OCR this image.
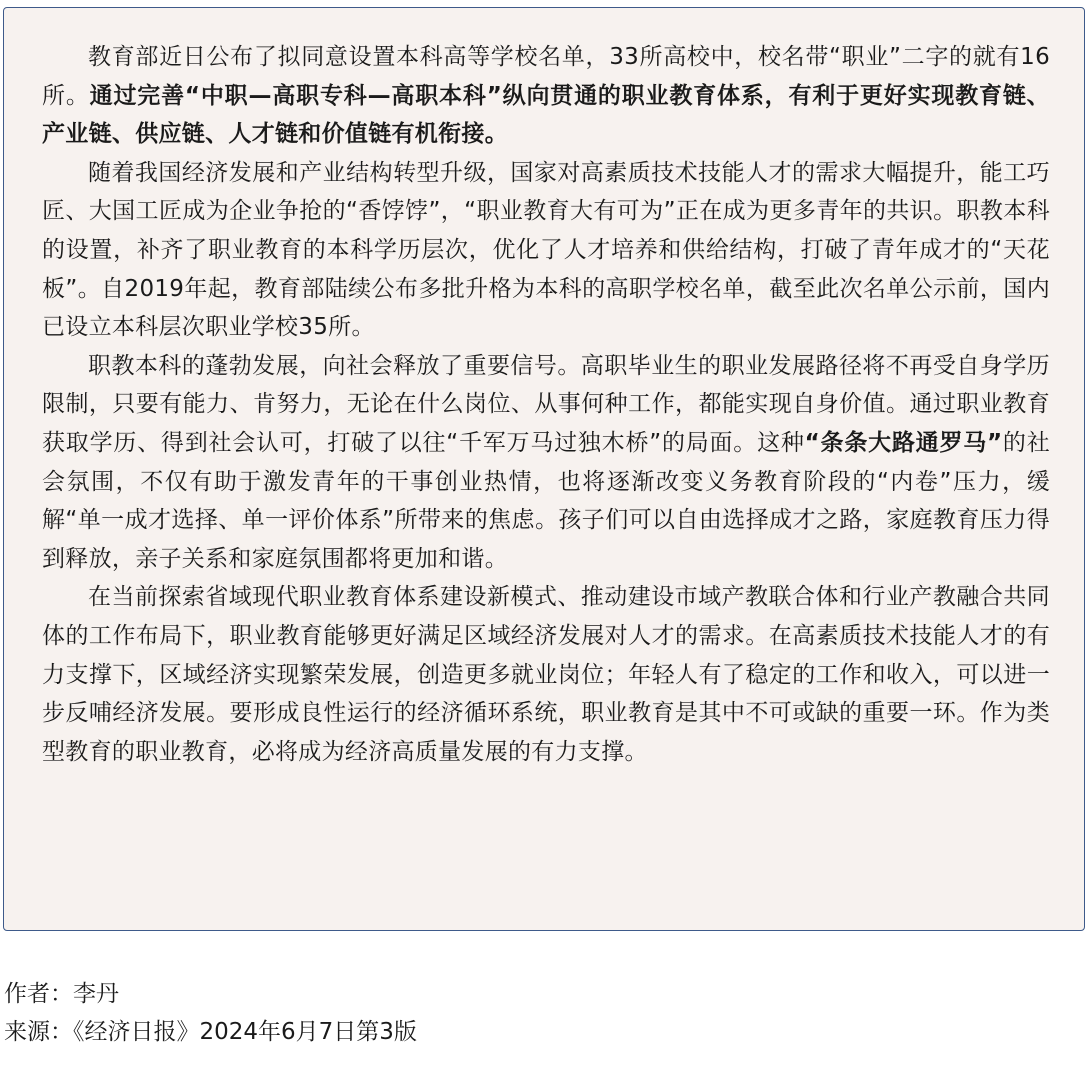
教育部近日公布了拟同意设置本科高等学校名单，33所高校中，校名带“职业”二字的就有16所。通过完善“中职—高职专科—高职本科”纵向贯通的职业教育体系，有利于更好实现教育链、产业链、供应链、人才链和价值链有机衔接。

随着我国经济发展和产业结构转型升级，国家对高素质技术技能人才的需求大幅提升，能工巧匠、大国工匠成为企业争抢的“香饽饽”，“职业教育大有可为”正在成为更多青年的共识。职教本科的设置，补齐了职业教育的本科学历层次，优化了人才培养和供给结构，打破了青年成才的“天花板”。自2019年起，教育部陆续公布多批升格为本科的高职学校名单，截至此次名单公示前，国内已设立本科层次职业学校35所。

职教本科的蓬勃发展，向社会释放了重要信号。高职毕业生的职业发展路径将不再受自身学历限制，只要有能力、肯努力，无论在什么岗位、从事何种工作，都能实现自身价值。通过职业教育获取学历、得到社会认可，打破了以往“千军万马过独木桥”的局面。这种“条条大路通罗马”的社会氛围，不仅有助于激发青年的干事创业热情，也将逐渐改变义务教育阶段的“内卷”压力，缓解“单一成才选择、单一评价体系”所带来的焦虑。孩子们可以自由选择成才之路，家庭教育压力得到释放，亲子关系和家庭氛围都将更加和谐。

在当前探索省域现代职业教育体系建设新模式、推动建设市域产教联合体和行业产教融合共同体的工作布局下，职业教育能够更好满足区域经济发展对人才的需求。在高素质技术技能人才的有力支撑下，区域经济实现繁荣发展，创造更多就业岗位；年轻人有了稳定的工作和收入，可以进一步反哺经济发展。要形成良性运行的经济循环系统，职业教育是其中不可或缺的重要一环。作为类型教育的职业教育，必将成为经济高质量发展的有力支撑。

作者：李丹

来源：《经济日报》2024年6月7日第3版
